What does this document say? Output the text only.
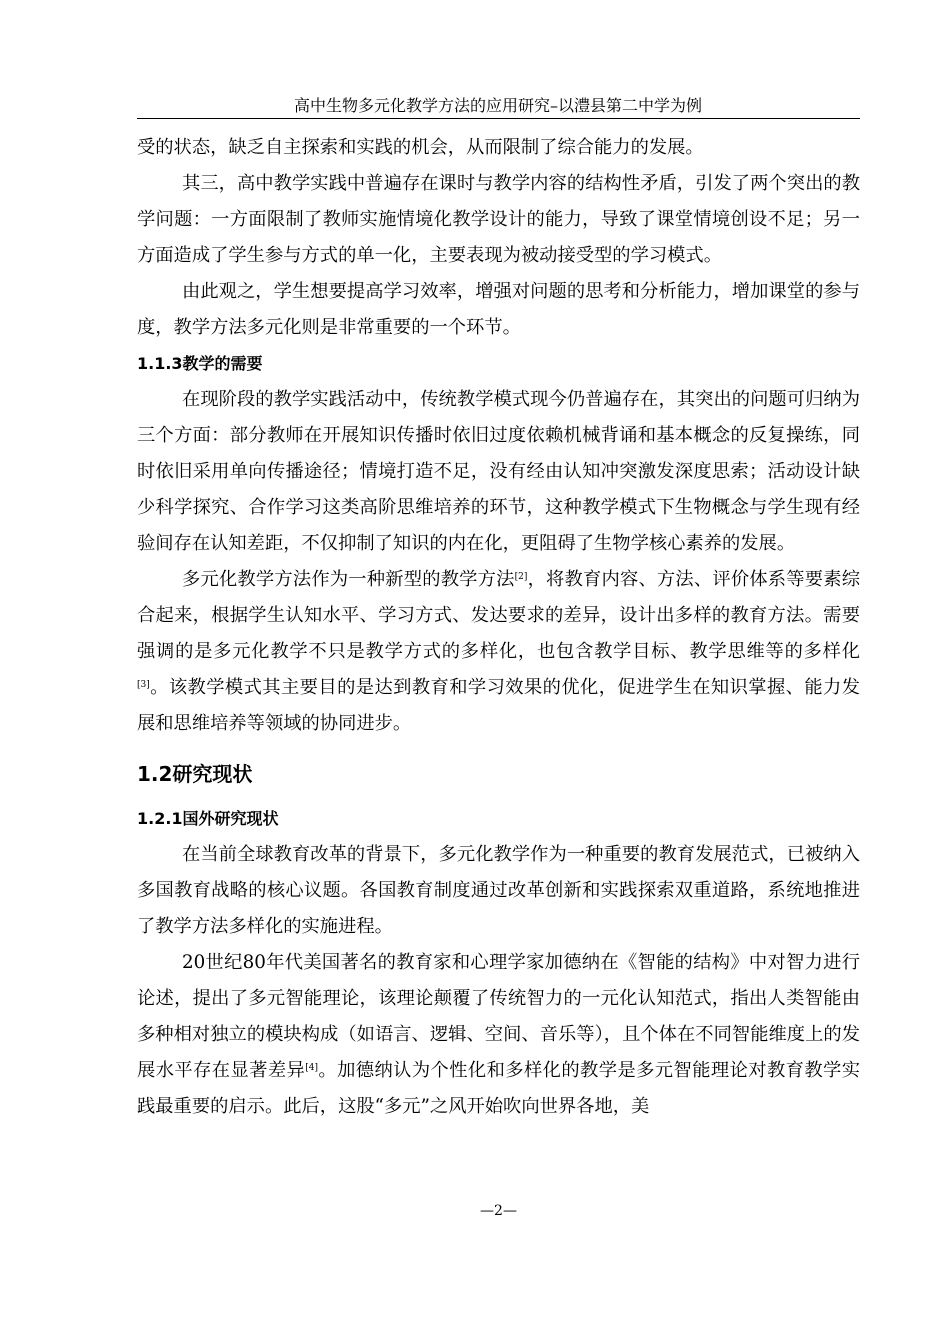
高中生物多元化教学方法的应用研究–以澧县第二中学为例

受的状态，缺乏自主探索和实践的机会，从而限制了综合能力的发展。

其三，高中教学实践中普遍存在课时与教学内容的结构性矛盾，引发了两个突出的教学问题：一方面限制了教师实施情境化教学设计的能力，导致了课堂情境创设不足；另一方面造成了学生参与方式的单一化，主要表现为被动接受型的学习模式。

由此观之，学生想要提高学习效率，增强对问题的思考和分析能力，增加课堂的参与度，教学方法多元化则是非常重要的一个环节。

1.1.3教学的需要

在现阶段的教学实践活动中，传统教学模式现今仍普遍存在，其突出的问题可归纳为三个方面：部分教师在开展知识传播时依旧过度依赖机械背诵和基本概念的反复操练，同时依旧采用单向传播途径；情境打造不足，没有经由认知冲突激发深度思索；活动设计缺少科学探究、合作学习这类高阶思维培养的环节，这种教学模式下生物概念与学生现有经验间存在认知差距，不仅抑制了知识的内在化，更阻碍了生物学核心素养的发展。

多元化教学方法作为一种新型的教学方法[2]，将教育内容、方法、评价体系等要素综合起来，根据学生认知水平、学习方式、发达要求的差异，设计出多样的教育方法。需要强调的是多元化教学不只是教学方式的多样化，也包含教学目标、教学思维等的多样化[3]。该教学模式其主要目的是达到教育和学习效果的优化，促进学生在知识掌握、能力发展和思维培养等领域的协同进步。

1.2研究现状
1.2.1国外研究现状

在当前全球教育改革的背景下，多元化教学作为一种重要的教育发展范式，已被纳入多国教育战略的核心议题。各国教育制度通过改革创新和实践探索双重道路，系统地推进了教学方法多样化的实施进程。

20世纪80年代美国著名的教育家和心理学家加德纳在《智能的结构》中对智力进行论述，提出了多元智能理论，该理论颠覆了传统智力的一元化认知范式，指出人类智能由多种相对独立的模块构成（如语言、逻辑、空间、音乐等），且个体在不同智能维度上的发展水平存在显著差异[4]。加德纳认为个性化和多样化的教学是多元智能理论对教育教学实践最重要的启示。此后，这股“多元”之风开始吹向世界各地，美

—2—
